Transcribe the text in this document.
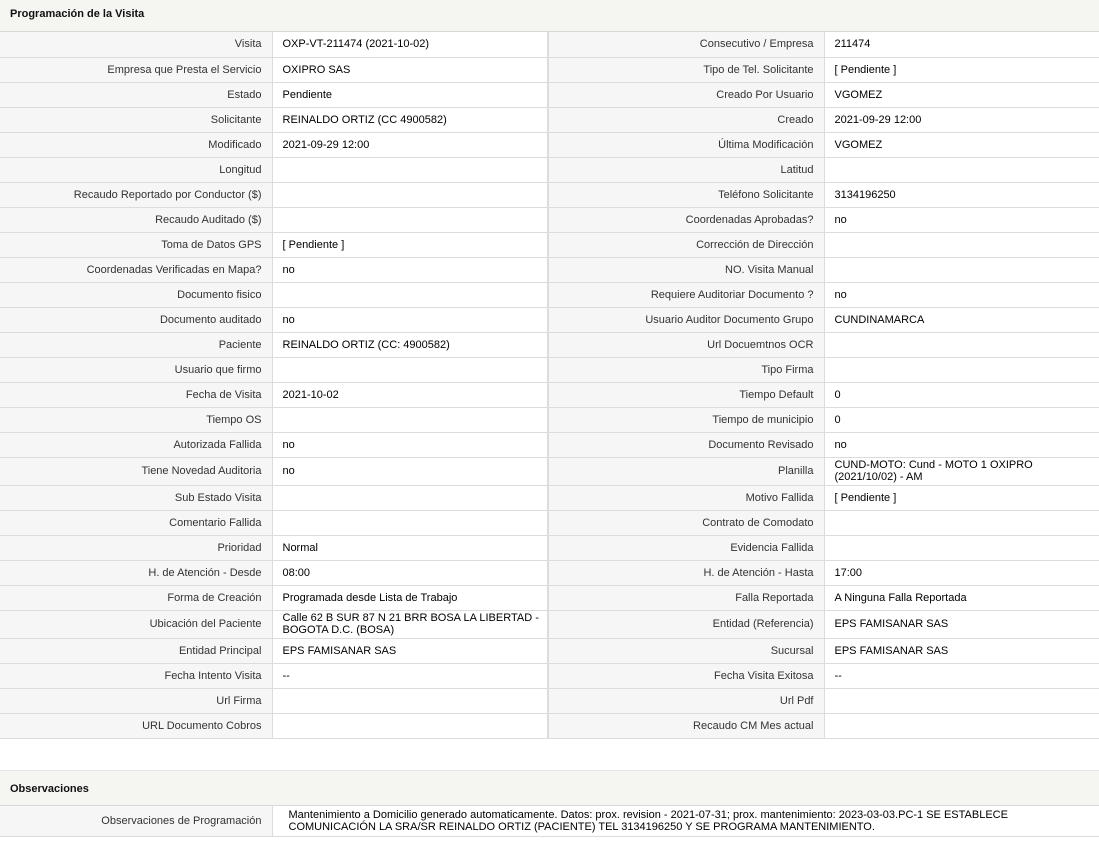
Programación de la Visita
Visita	OXP-VT-211474 (2021-10-02)	Consecutivo / Empresa	211474
Empresa que Presta el Servicio	OXIPRO SAS	Tipo de Tel. Solicitante	[ Pendiente ]
Estado	Pendiente	Creado Por Usuario	VGOMEZ
Solicitante	REINALDO ORTIZ (CC 4900582)	Creado	2021-09-29 12:00
Modificado	2021-09-29 12:00	Última Modificación	VGOMEZ
Longitud		Latitud	
Recaudo Reportado por Conductor ($)		Teléfono Solicitante	3134196250
Recaudo Auditado ($)		Coordenadas Aprobadas?	no
Toma de Datos GPS	[ Pendiente ]	Corrección de Dirección	
Coordenadas Verificadas en Mapa?	no	NO. Visita Manual	
Documento fisico		Requiere Auditoriar Documento ?	no
Documento auditado	no	Usuario Auditor Documento Grupo	CUNDINAMARCA
Paciente	REINALDO ORTIZ (CC: 4900582)	Url Docuemtnos OCR	
Usuario que firmo		Tipo Firma	
Fecha de Visita	2021-10-02	Tiempo Default	0
Tiempo OS		Tiempo de municipio	0
Autorizada Fallida	no	Documento Revisado	no
Tiene Novedad Auditoria	no	Planilla	CUND-MOTO: Cund - MOTO 1 OXIPRO (2021/10/02) - AM
Sub Estado Visita		Motivo Fallida	[ Pendiente ]
Comentario Fallida		Contrato de Comodato	
Prioridad	Normal	Evidencia Fallida	
H. de Atención - Desde	08:00	H. de Atención - Hasta	17:00
Forma de Creación	Programada desde Lista de Trabajo	Falla Reportada	A Ninguna Falla Reportada
Ubicación del Paciente	Calle 62 B SUR 87 N 21 BRR BOSA LA LIBERTAD - BOGOTA D.C. (BOSA)	Entidad (Referencia)	EPS FAMISANAR SAS
Entidad Principal	EPS FAMISANAR SAS	Sucursal	EPS FAMISANAR SAS
Fecha Intento Visita	--	Fecha Visita Exitosa	--
Url Firma		Url Pdf	
URL Documento Cobros		Recaudo CM Mes actual	
Observaciones
Observaciones de Programación	Mantenimiento a Domicilio generado automaticamente. Datos: prox. revision - 2021-07-31; prox. mantenimiento: 2023-03-03.PC-1 SE ESTABLECE COMUNICACIÓN LA SRA/SR REINALDO ORTIZ (PACIENTE) TEL 3134196250 Y SE PROGRAMA MANTENIMIENTO.
